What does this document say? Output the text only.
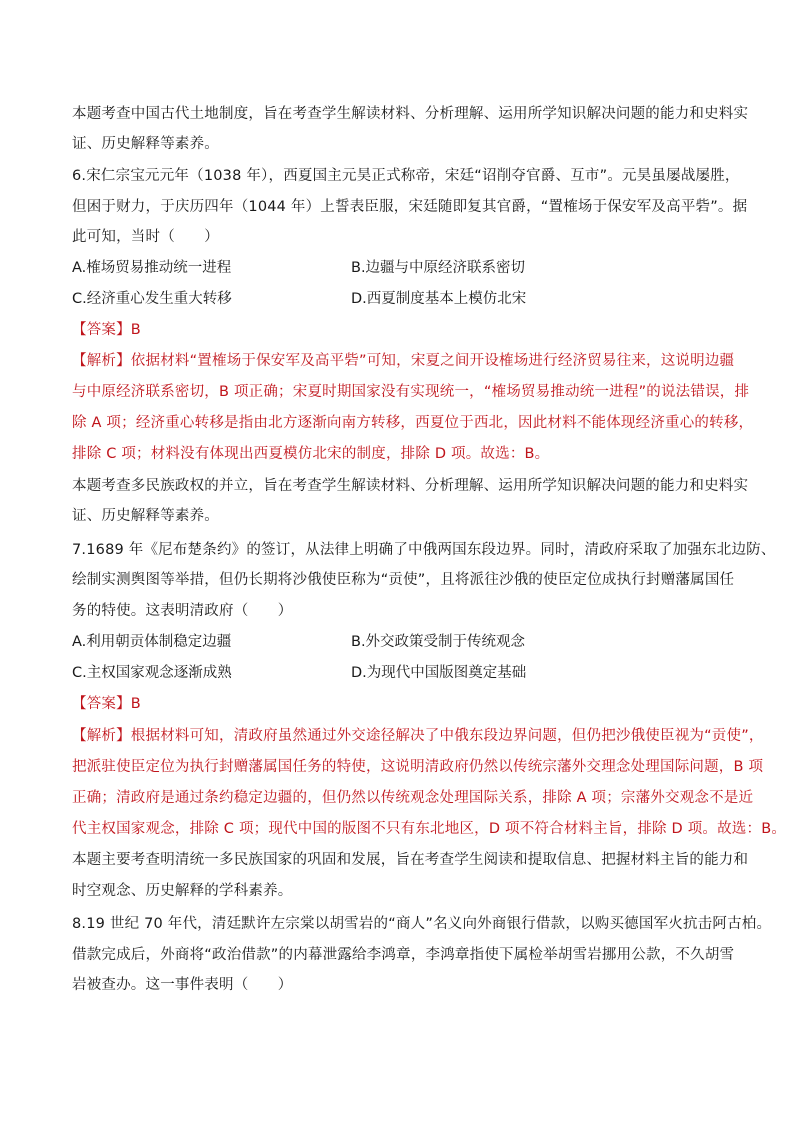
本题考查中国古代土地制度，旨在考查学生解读材料、分析理解、运用所学知识解决问题的能力和史料实
证、历史解释等素养。
6.宋仁宗宝元元年（1038 年），西夏国主元昊正式称帝，宋廷“诏削夺官爵、互市”。元昊虽屡战屡胜，
但困于财力，于庆历四年（1044 年）上誓表臣服，宋廷随即复其官爵，“置榷场于保安军及高平砦”。据
此可知，当时（　　）
A.榷场贸易推动统一进程	B.边疆与中原经济联系密切
C.经济重心发生重大转移	D.西夏制度基本上模仿北宋
【答案】B
【解析】依据材料“置榷场于保安军及高平砦”可知，宋夏之间开设榷场进行经济贸易往来，这说明边疆
与中原经济联系密切，B 项正确；宋夏时期国家没有实现统一，“榷场贸易推动统一进程”的说法错误，排
除 A 项；经济重心转移是指由北方逐渐向南方转移，西夏位于西北，因此材料不能体现经济重心的转移，
排除 C 项；材料没有体现出西夏模仿北宋的制度，排除 D 项。故选：B。
本题考查多民族政权的并立，旨在考查学生解读材料、分析理解、运用所学知识解决问题的能力和史料实
证、历史解释等素养。
7.1689 年《尼布楚条约》的签订，从法律上明确了中俄两国东段边界。同时，清政府采取了加强东北边防、
绘制实测舆图等举措，但仍长期将沙俄使臣称为“贡使”，且将派往沙俄的使臣定位成执行封赠藩属国任
务的特使。这表明清政府（　　）
A.利用朝贡体制稳定边疆	B.外交政策受制于传统观念
C.主权国家观念逐渐成熟	D.为现代中国版图奠定基础
【答案】B
【解析】根据材料可知，清政府虽然通过外交途径解决了中俄东段边界问题，但仍把沙俄使臣视为“贡使”，
把派驻使臣定位为执行封赠藩属国任务的特使，这说明清政府仍然以传统宗藩外交理念处理国际问题，B 项
正确；清政府是通过条约稳定边疆的，但仍然以传统观念处理国际关系，排除 A 项；宗藩外交观念不是近
代主权国家观念，排除 C 项；现代中国的版图不只有东北地区，D 项不符合材料主旨，排除 D 项。故选：B。
本题主要考查明清统一多民族国家的巩固和发展，旨在考查学生阅读和提取信息、把握材料主旨的能力和
时空观念、历史解释的学科素养。
8.19 世纪 70 年代，清廷默许左宗棠以胡雪岩的“商人”名义向外商银行借款，以购买德国军火抗击阿古柏。
借款完成后，外商将“政治借款”的内幕泄露给李鸿章，李鸿章指使下属检举胡雪岩挪用公款，不久胡雪
岩被查办。这一事件表明（　　）
